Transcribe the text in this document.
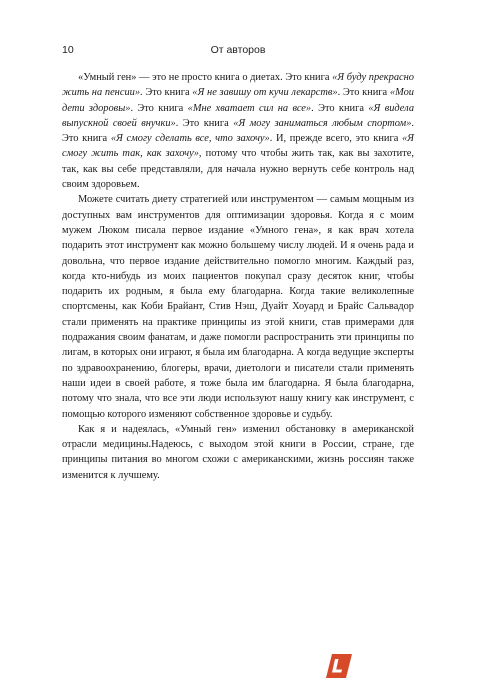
10	От авторов

«Умный ген» — это не просто книга о диетах. Это книга «Я буду прекрасно жить на пенсии». Это книга «Я не завишу от кучи лекарств». Это книга «Мои дети здоровы». Это книга «Мне хватает сил на все». Это книга «Я видела выпускной своей внучки». Это книга «Я могу заниматься любым спортом». Это книга «Я смогу сделать все, что захочу». И, прежде всего, это книга «Я смогу жить так, как захочу», потому что чтобы жить так, как вы захотите, так, как вы себе представляли, для начала нужно вернуть себе контроль над своим здоровьем.

Можете считать диету стратегией или инструментом — самым мощным из доступных вам инструментов для оптимизации здоровья. Когда я с моим мужем Люком писала первое издание «Умного гена», я как врач хотела подарить этот инструмент как можно большему числу людей. И я очень рада и довольна, что первое издание действительно помогло многим. Каждый раз, когда кто-нибудь из моих пациентов покупал сразу десяток книг, чтобы подарить их родным, я была ему благодарна. Когда такие великолепные спортсмены, как Коби Брайант, Стив Нэш, Дуайт Хоуард и Брайс Сальвадор стали применять на практике принципы из этой книги, став примерами для подражания своим фанатам, и даже помогли распространить эти принципы по лигам, в которых они играют, я была им благодарна. А когда ведущие эксперты по здравоохранению, блогеры, врачи, диетологи и писатели стали применять наши идеи в своей работе, я тоже была им благодарна. Я была благодарна, потому что знала, что все эти люди используют нашу книгу как инструмент, с помощью которого изменяют собственное здоровье и судьбу.

Как я и надеялась, «Умный ген» изменил обстановку в американской отрасли медицины.Надеюсь, с выходом этой книги в России, стране, где принципы питания во многом схожи с американскими, жизнь россиян также изменится к лучшему.
